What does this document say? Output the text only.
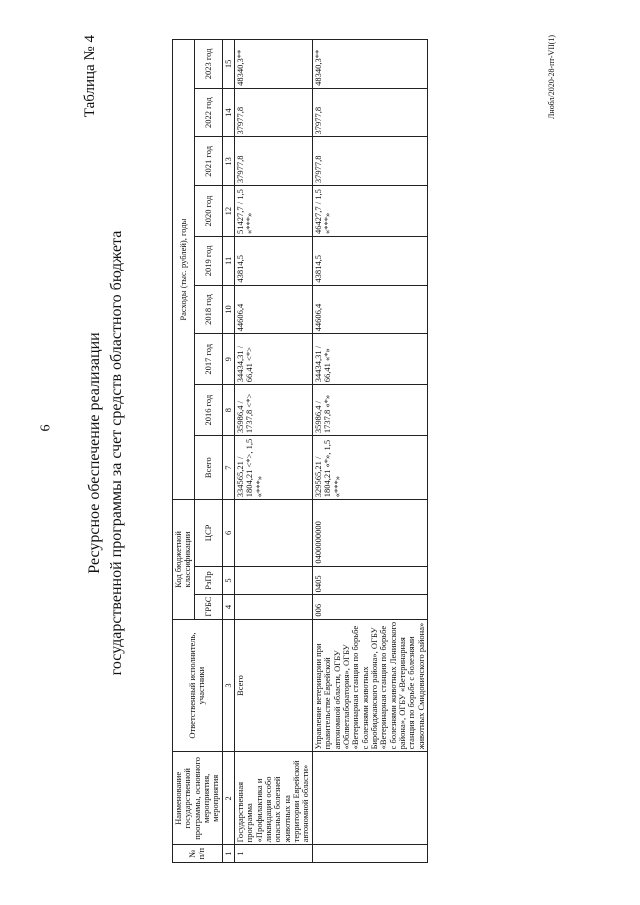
6
Таблица № 4
Ресурсное обеспечение реализации государственной программы за счет средств областного бюджета
№ п/п	Наименование государственной программы, основного мероприятия, мероприятия	Ответственный исполнитель, участники	Код бюджетной классификации			Расходы (тыс. рублей), годы								
			ГРБС	РзПр	ЦСР	Всего	2016 год	2017 год	2018 год	2019 год	2020 год	2021 год	2022 год	2023 год

1	2	3	4	5	6	7	8	9	10	11	12	13	14	15
1	Государственная программа «Профилактика и ликвидация особо опасных болезней животных на территории Еврейской автономной области»	Всего				334565,21 / 1804,21 <*>, 1,5 «***»	35986,4 / 1737,8 <*>	34434,31 / 66,41 <*>	44606,4	43814,5	51427,7 / 1,5 «***»	37977,8	37977,8	48340,3**
		Управление ветеринарии при правительстве Еврейской автономной области, ОГБУ «Облветлаборатория», ОГБУ «Ветеринарная станция по борьбе с болезнями животных Биробиджанского района», ОГБУ «Ветеринарная станция по борьбе с болезнями животных Ленинского района», ОГБУ «Ветеринарная станция по борьбе с болезнями животных Смидовичского района»	006	0405	0400000000	329565,21 / 1804,21 «*», 1,5 «***»	35986,4 / 1737,8 «*»	34434,31 / 66,41 «*»	44606,4	43814,5	46427,7 / 1,5 «***»	37977,8	37977,8	48340,3**	Лнобл/2020-28-пт-VII(1)
